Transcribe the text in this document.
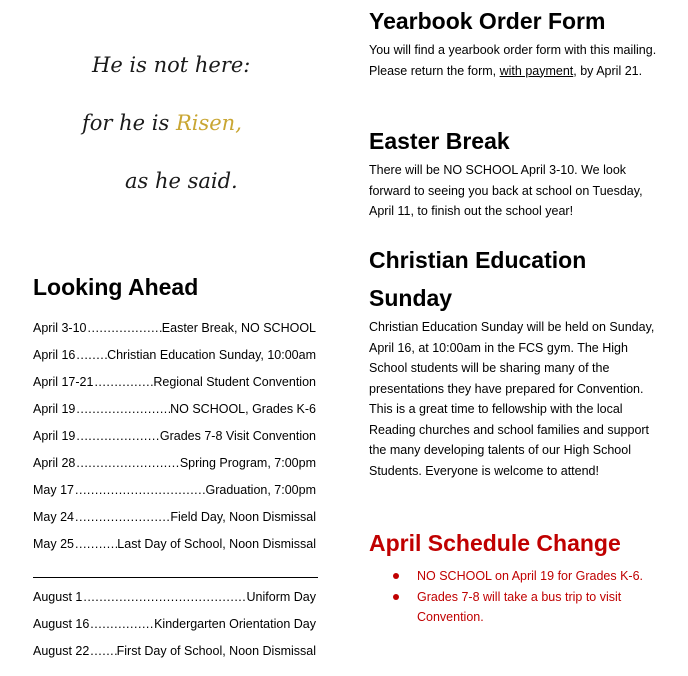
He is not here:
for he is Risen,
as he said.
Looking Ahead
April 3-10 .....	Easter Break, NO SCHOOL
April 16 .....	Christian Education Sunday, 10:00am
April 17-21 .....	Regional Student Convention
April 19 .....	NO SCHOOL, Grades K-6
April 19 .....	Grades 7-8 Visit Convention
April 28 .....	Spring Program, 7:00pm
May 17 .....	Graduation, 7:00pm
May 24 .....	Field Day, Noon Dismissal
May 25 .....	Last Day of School, Noon Dismissal
August 1 .....	Uniform Day
August 16 .....	Kindergarten Orientation Day
August 22 ..... First Day of School, Noon Dismissal
Yearbook Order Form

You will find a yearbook order form with this mailing. Please return the form, with payment, by April 21.

Easter Break

There will be NO SCHOOL April 3-10. We look forward to seeing you back at school on Tuesday, April 11, to finish out the school year!

Christian Education Sunday

Christian Education Sunday will be held on Sunday, April 16, at 10:00am in the FCS gym. The High School students will be sharing many of the presentations they have prepared for Convention. This is a great time to fellowship with the local Reading churches and school families and support the many developing talents of our High School Students. Everyone is welcome to attend!

April Schedule Change
NO SCHOOL on April 19 for Grades K-6.
Grades 7-8 will take a bus trip to visit Convention.
